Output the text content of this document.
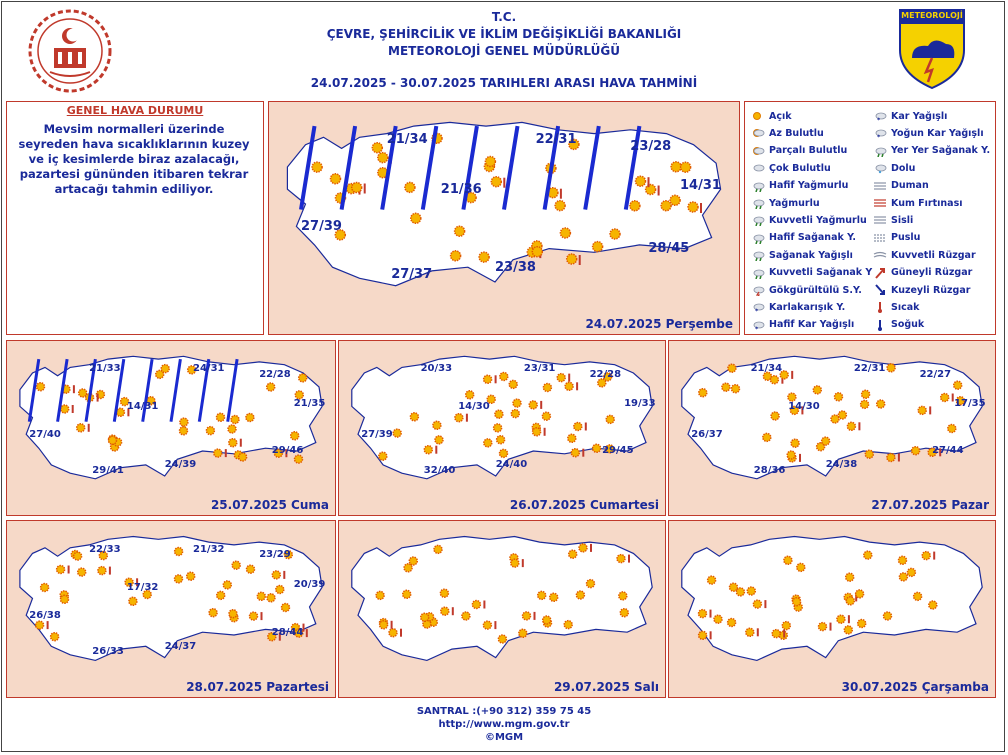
METEOROLOJİ
T.C.
ÇEVRE, ŞEHİRCİLİK VE İKLİM DEĞİŞİKLİĞİ BAKANLIĞI
METEOROLOJİ GENEL MÜDÜRLÜĞÜ
24.07.2025 - 30.07.2025 TARIHLERI ARASI HAVA TAHMİNİ
GENEL HAVA DURUMU
Mevsim normalleri üzerinde seyreden hava sıcaklıklarının kuzey ve iç kesimlerde biraz azalacağı, pazartesi gününden itibaren tekrar artacağı tahmin ediliyor.
24.07.2025 Perşembe
21/34	22/31	23/28
21/36	14/31
27/39
27/37	23/38
28/45
Açık
Az Bulutlu
Parçalı Bulutlu
Çok Bulutlu
Hafif Yağmurlu
Yağmurlu
Kuvvetli Yağmurlu
Hafif Sağanak Y.
Sağanak Yağışlı
Kuvvetli Sağanak Y
Gökgürültülü S.Y.
* Karlakarışık Y.
* Hafif Kar Yağışlı
* Kar Yağışlı
* Yoğun Kar Yağışlı
Yer Yer Sağanak Y.
Dolu
Duman
Kum Fırtınası
Sisli
Puslu
Kuvvetli Rüzgar
Güneyli Rüzgar
Kuzeyli Rüzgar
Sıcak
Soğuk
25.07.2025 Cuma
21/33	24/31	22/28
14/31	21/35
27/40
29/41
24/39
29/46
26.07.2025 Cumartesi
20/33	23/31	22/28
14/30	19/33
27/39
32/40
24/40
29/45
27.07.2025 Pazar
21/34	22/31	22/27
14/30	17/35
26/37
28/36
24/38
27/44
28.07.2025 Pazartesi
22/33	21/32
23/29
17/32	20/39
26/38
26/33
24/37
28/44
29.07.2025 Salı	30.07.2025 Çarşamba
SANTRAL :(+90 312) 359 75 45
http://www.mgm.gov.tr
©MGM
